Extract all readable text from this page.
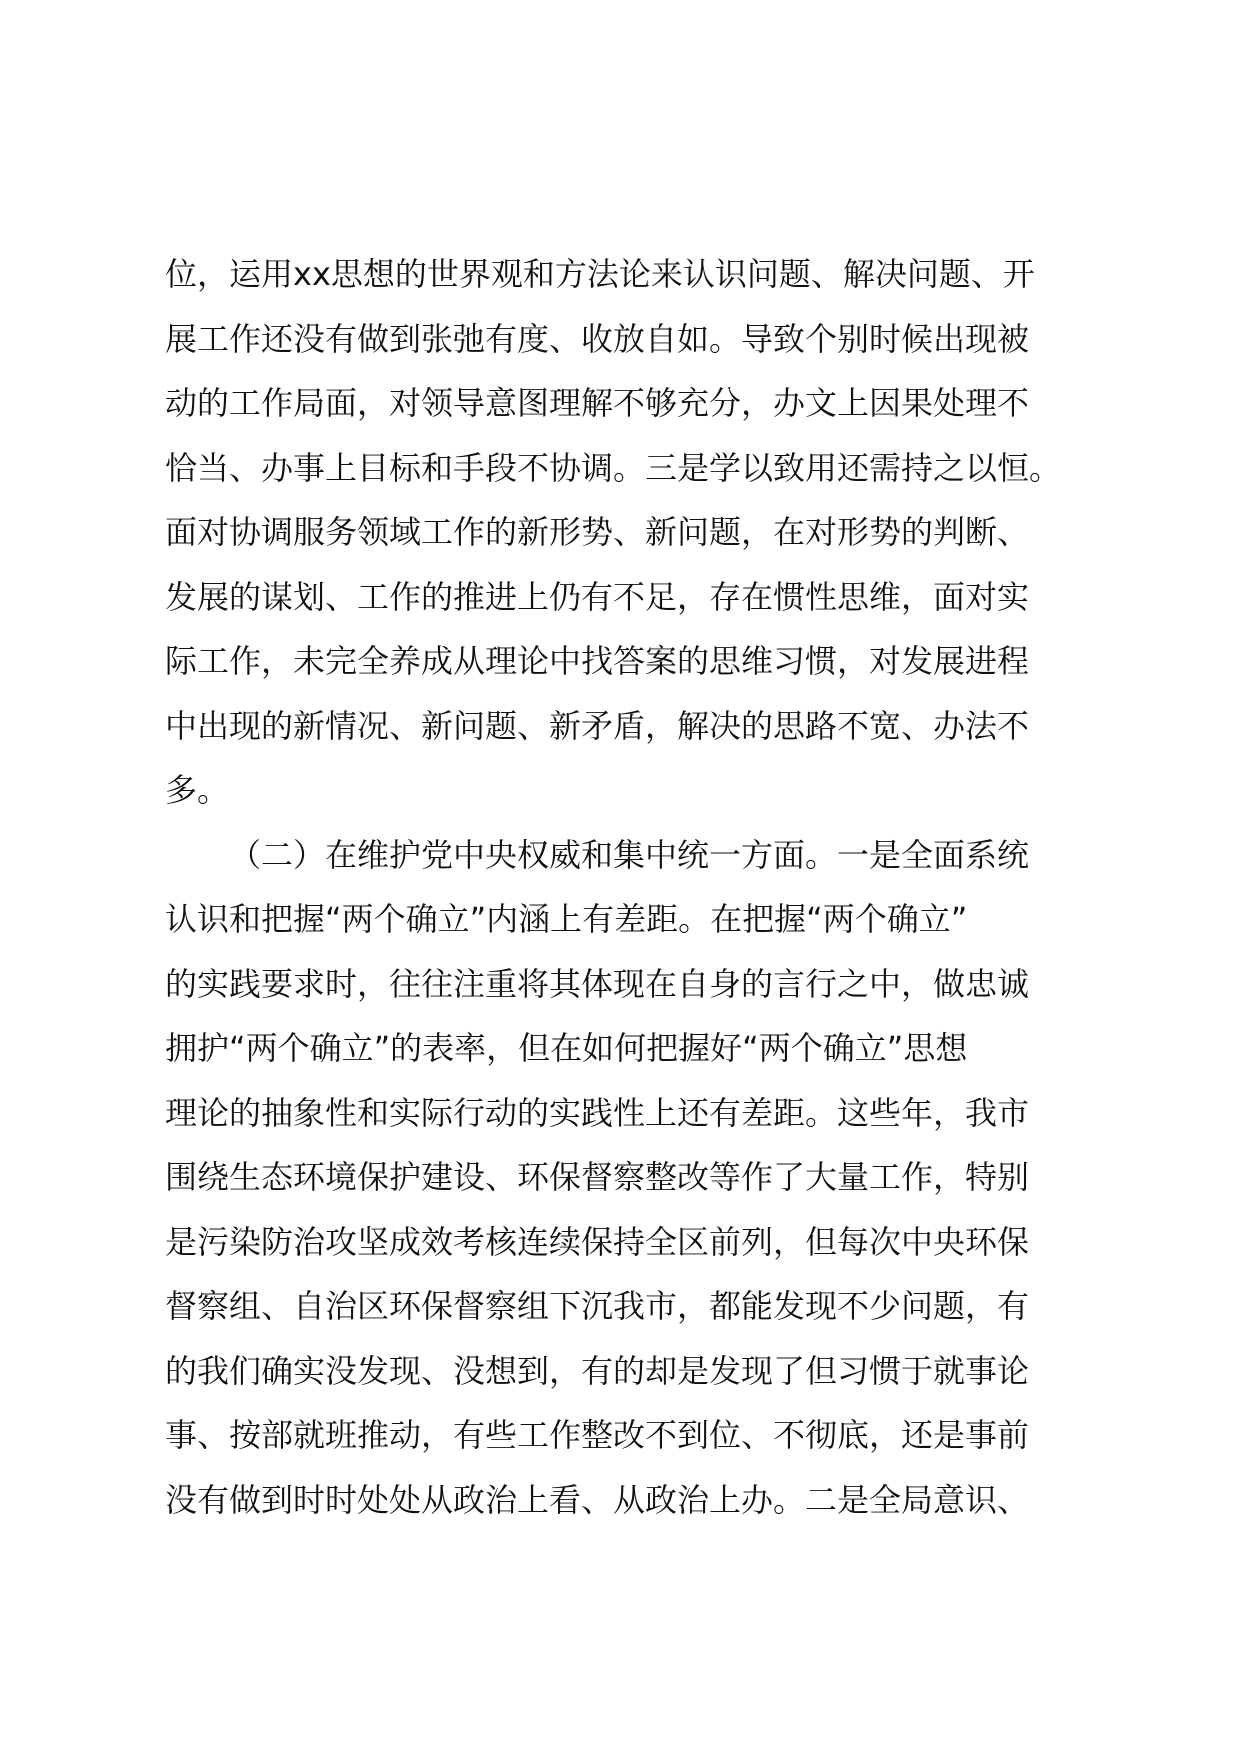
位，运用xx思想的世界观和方法论来认识问题、解决问题、开
展工作还没有做到张弛有度、收放自如。导致个别时候出现被
动的工作局面，对领导意图理解不够充分，办文上因果处理不
恰当、办事上目标和手段不协调。三是学以致用还需持之以恒。
面对协调服务领域工作的新形势、新问题，在对形势的判断、
发展的谋划、工作的推进上仍有不足，存在惯性思维，面对实
际工作，未完全养成从理论中找答案的思维习惯，对发展进程
中出现的新情况、新问题、新矛盾，解决的思路不宽、办法不
多。
（二）在维护党中央权威和集中统一方面。一是全面系统
认识和把握“两个确立”内涵上有差距。在把握“两个确立”
的实践要求时，往往注重将其体现在自身的言行之中，做忠诚
拥护“两个确立”的表率，但在如何把握好“两个确立”思想
理论的抽象性和实际行动的实践性上还有差距。这些年，我市
围绕生态环境保护建设、环保督察整改等作了大量工作，特别
是污染防治攻坚成效考核连续保持全区前列，但每次中央环保
督察组、自治区环保督察组下沉我市，都能发现不少问题，有
的我们确实没发现、没想到，有的却是发现了但习惯于就事论
事、按部就班推动，有些工作整改不到位、不彻底，还是事前
没有做到时时处处从政治上看、从政治上办。二是全局意识、
